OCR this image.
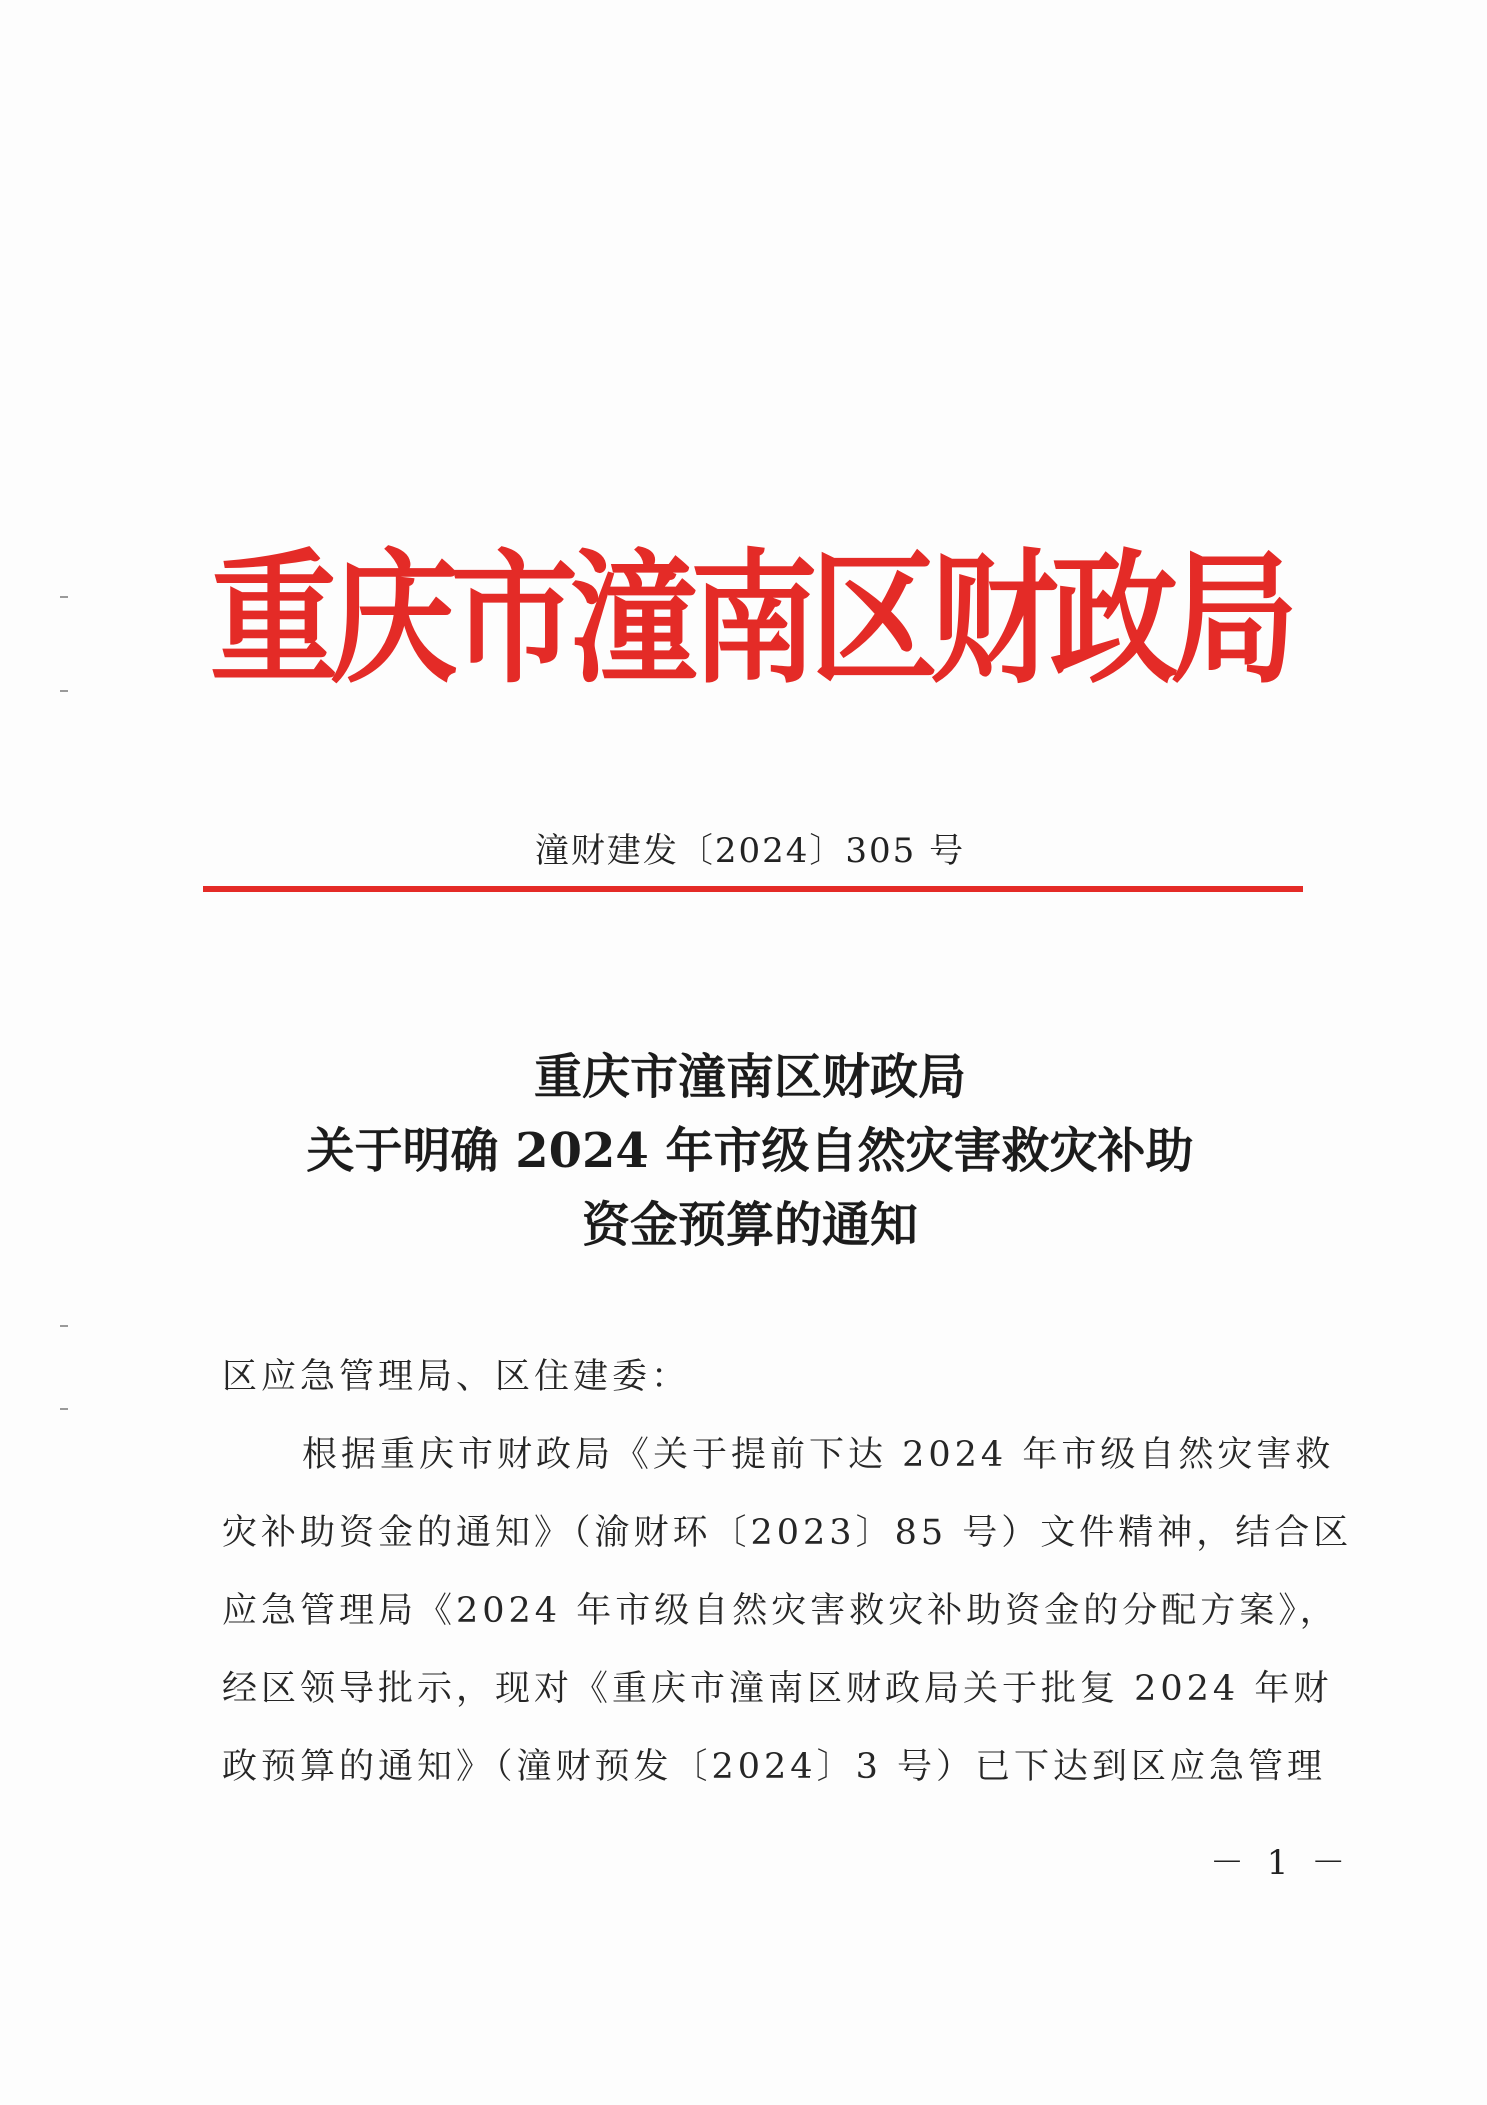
重庆市潼南区财政局
潼财建发〔2024〕305 号
重庆市潼南区财政局
关于明确 2024 年市级自然灾害救灾补助
资金预算的通知
区应急管理局、区住建委：
根据重庆市财政局《关于提前下达 2024 年市级自然灾害救
灾补助资金的通知》（渝财环〔2023〕85 号）文件精神，结合区
应急管理局《2024 年市级自然灾害救灾补助资金的分配方案》，
经区领导批示，现对《重庆市潼南区财政局关于批复 2024 年财
政预算的通知》（潼财预发〔2024〕3 号）已下达到区应急管理
－ 1 －
